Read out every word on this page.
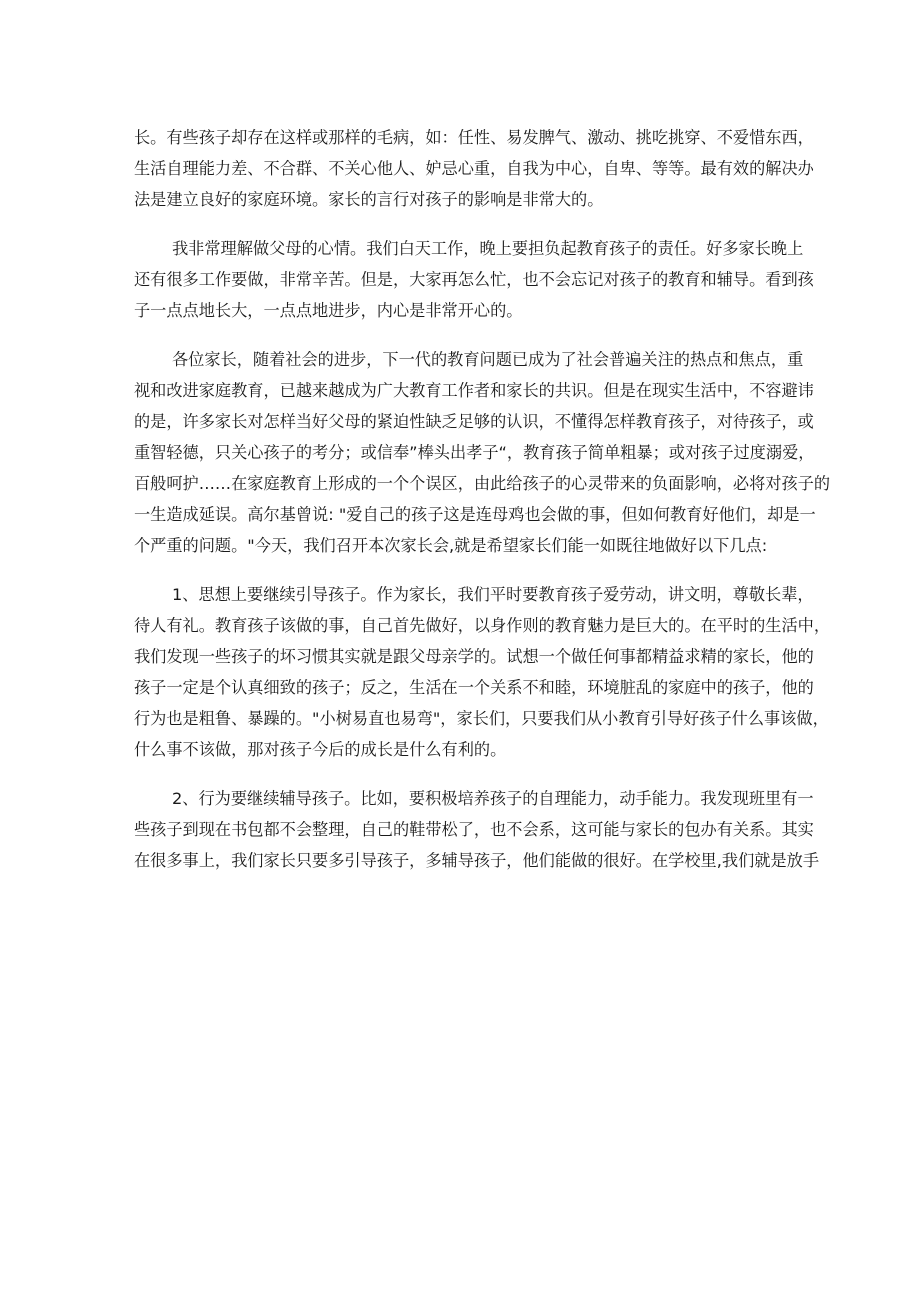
长。有些孩子却存在这样或那样的毛病，如：任性、易发脾气、激动、挑吃挑穿、不爱惜东西，
生活自理能力差、不合群、不关心他人、妒忌心重，自我为中心，自卑、等等。最有效的解决办
法是建立良好的家庭环境。家长的言行对孩子的影响是非常大的。
我非常理解做父母的心情。我们白天工作，晚上要担负起教育孩子的责任。好多家长晚上
还有很多工作要做，非常辛苦。但是，大家再怎么忙，也不会忘记对孩子的教育和辅导。看到孩
子一点点地长大，一点点地进步，内心是非常开心的。
各位家长，随着社会的进步，下一代的教育问题已成为了社会普遍关注的热点和焦点，重
视和改进家庭教育，已越来越成为广大教育工作者和家长的共识。但是在现实生活中，不容避讳
的是，许多家长对怎样当好父母的紧迫性缺乏足够的认识，不懂得怎样教育孩子，对待孩子，或
重智轻德，只关心孩子的考分；或信奉”棒头出孝子“，教育孩子简单粗暴；或对孩子过度溺爱，
百般呵护……在家庭教育上形成的一个个误区，由此给孩子的心灵带来的负面影响，必将对孩子的
一生造成延误。高尔基曾说: "爱自己的孩子这是连母鸡也会做的事，但如何教育好他们，却是一
个严重的问题。"今天，我们召开本次家长会,就是希望家长们能一如既往地做好以下几点:
1、思想上要继续引导孩子。作为家长，我们平时要教育孩子爱劳动，讲文明，尊敬长辈，
待人有礼。教育孩子该做的事，自己首先做好，以身作则的教育魅力是巨大的。在平时的生活中，
我们发现一些孩子的坏习惯其实就是跟父母亲学的。试想一个做任何事都精益求精的家长，他的
孩子一定是个认真细致的孩子；反之，生活在一个关系不和睦，环境脏乱的家庭中的孩子，他的
行为也是粗鲁、暴躁的。"小树易直也易弯"，家长们，只要我们从小教育引导好孩子什么事该做，
什么事不该做，那对孩子今后的成长是什么有利的。
2、行为要继续辅导孩子。比如，要积极培养孩子的自理能力，动手能力。我发现班里有一
些孩子到现在书包都不会整理，自己的鞋带松了，也不会系，这可能与家长的包办有关系。其实
在很多事上，我们家长只要多引导孩子，多辅导孩子，他们能做的很好。在学校里,我们就是放手
